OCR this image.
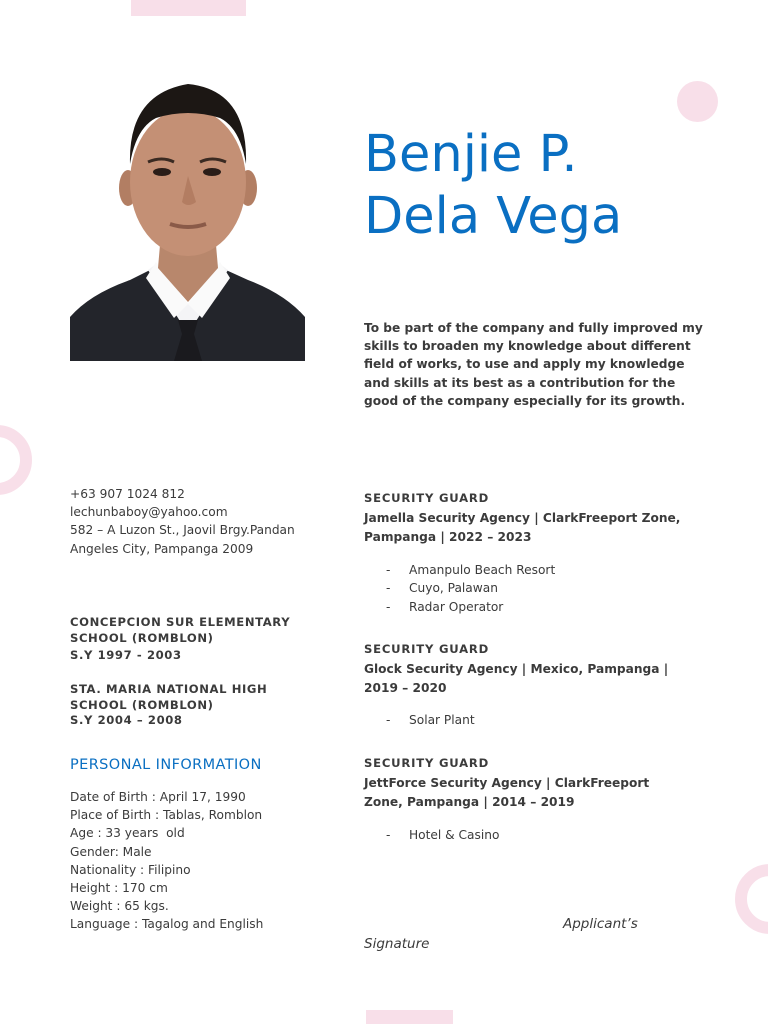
Benjie P.
Dela Vega
To be part of the company and fully improved my skills to broaden my knowledge about different field of works, to use and apply my knowledge and skills at its best as a contribution for the good of the company especially for its growth.
+63 907 1024 812
lechunbaboy@yahoo.com
582 – A Luzon St., Jaovil Brgy.Pandan
Angeles City, Pampanga 2009
CONCEPCION SUR ELEMENTARY
SCHOOL (ROMBLON)
S.Y 1997 - 2003
STA. MARIA NATIONAL HIGH
SCHOOL (ROMBLON)
S.Y 2004 – 2008
PERSONAL INFORMATION
Date of Birth : April 17, 1990
Place of Birth : Tablas, Romblon
Age : 33 years  old
Gender: Male
Nationality : Filipino
Height : 170 cm
Weight : 65 kgs.
Language : Tagalog and English
SECURITY GUARD
Jamella Security Agency | ClarkFreeport Zone,
Pampanga | 2022 – 2023
- Amanpulo Beach Resort
- Cuyo, Palawan
- Radar Operator
SECURITY GUARD
Glock Security Agency | Mexico, Pampanga |
2019 – 2020
- Solar Plant
SECURITY GUARD
JettForce Security Agency | ClarkFreeport
Zone, Pampanga | 2014 – 2019
- Hotel & Casino
Applicant’s
Signature
